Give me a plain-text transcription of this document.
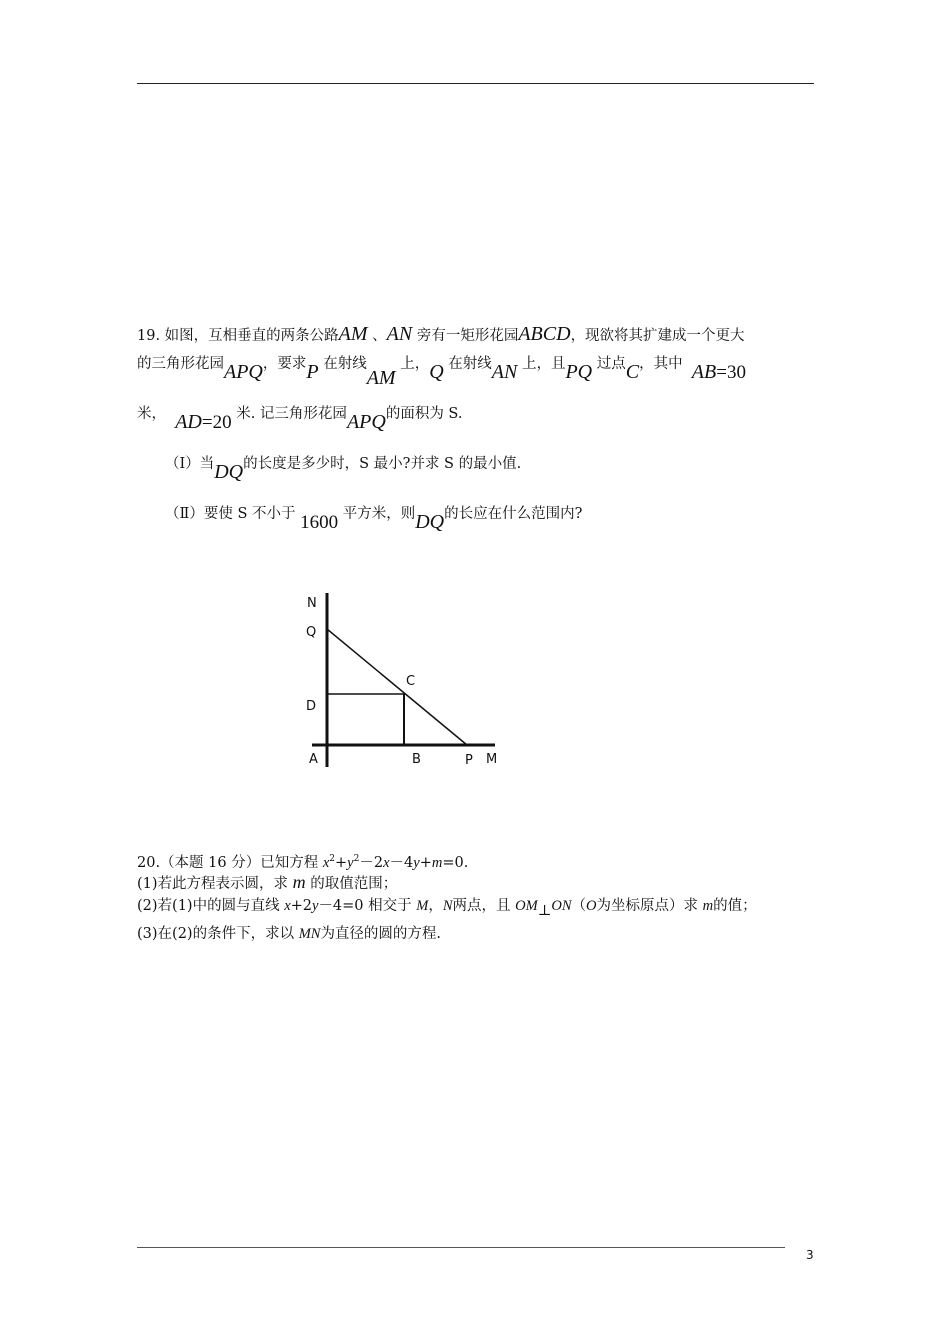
19. 如图，互相垂直的两条公路AM 、AN 旁有一矩形花园ABCD，现欲将其扩建成一个更大
的三角形花园APQ，要求P 在射线AM 上，Q 在射线AN 上，且PQ 过点C，其中 AB=30
米， AD=20 米. 记三角形花园APQ的面积为 S.
（Ⅰ）当DQ的长度是多少时，S 最小?并求 S 的最小值.
（Ⅱ）要使 S 不小于 1600 平方米，则DQ的长应在什么范围内?
N
Q
C
D
A	B	P M
20.（本题 16 分）已知方程 $x^2+y^2-2x-4y+m=0$.
(1)若此方程表示圆，求 m 的取值范围；
(2)若(1)中的圆与直线 x+2y－4=0 相交于 M，N两点，且 OM⊥ON（O为坐标原点）求 m的值；
(3)在(2)的条件下，求以 MN为直径的圆的方程.
3
